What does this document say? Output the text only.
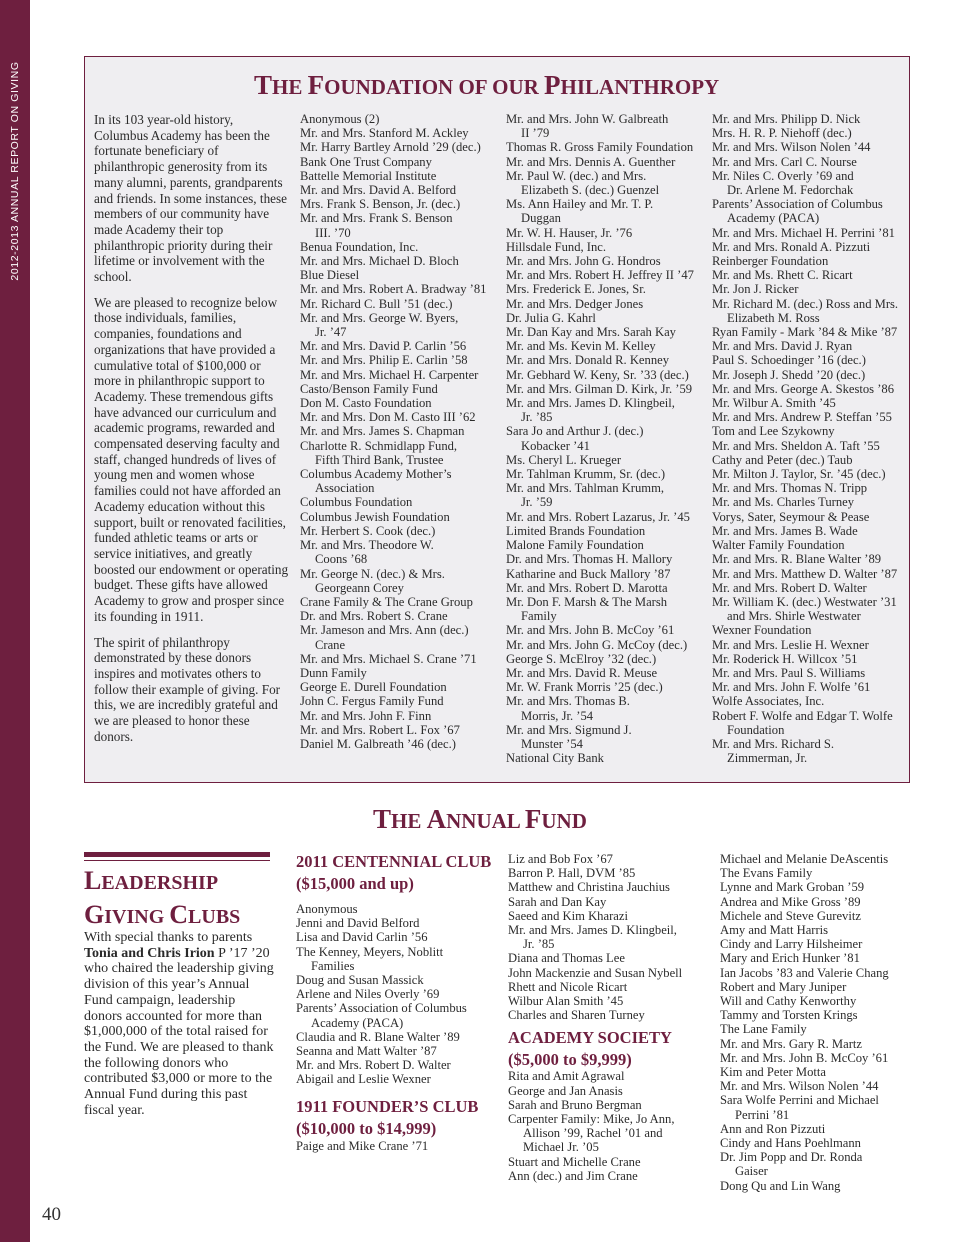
2012-2013 ANNUAL REPORT ON GIVING	THE FOUNDATION OF OUR PHILANTHROPY

In its 103 year-old history, Columbus Academy has been the fortunate beneficiary of philanthropic generosity from its many alumni, parents, grandparents and friends. In some instances, these members of our community have made Academy their top philanthropic priority during their lifetime or involvement with the school.

We are pleased to recognize below those individuals, families, companies, foundations and organizations that have provided a cumulative total of $100,000 or more in philanthropic support to Academy. These tremendous gifts have advanced our curriculum and academic programs, rewarded and compensated deserving faculty and staff, changed hundreds of lives of young men and women whose families could not have afforded an Academy education without this support, built or renovated facilities, funded athletic teams or arts or service initiatives, and greatly boosted our endowment or operating budget. These gifts have allowed Academy to grow and prosper since its founding in 1911.

The spirit of philanthropy demonstrated by these donors inspires and motivates others to follow their example of giving. For this, we are incredibly grateful and we are pleased to honor these donors.

Anonymous (2)
Mr. and Mrs. Stanford M. Ackley
Mr. Harry Bartley Arnold ’29 (dec.)
Bank One Trust Company
Battelle Memorial Institute
Mr. and Mrs. David A. Belford
Mrs. Frank S. Benson, Jr. (dec.)
Mr. and Mrs. Frank S. Benson
III. ’70
Benua Foundation, Inc.
Mr. and Mrs. Michael D. Bloch
Blue Diesel
Mr. and Mrs. Robert A. Bradway ’81
Mr. Richard C. Bull ’51 (dec.)
Mr. and Mrs. George W. Byers,
Jr. ’47
Mr. and Mrs. David P. Carlin ’56
Mr. and Mrs. Philip E. Carlin ’58
Mr. and Mrs. Michael H. Carpenter
Casto/Benson Family Fund
Don M. Casto Foundation
Mr. and Mrs. Don M. Casto III ’62
Mr. and Mrs. James S. Chapman
Charlotte R. Schmidlapp Fund,
Fifth Third Bank, Trustee
Columbus Academy Mother’s
Association
Columbus Foundation
Columbus Jewish Foundation
Mr. Herbert S. Cook (dec.)
Mr. and Mrs. Theodore W.
Coons ’68
Mr. George N. (dec.) & Mrs.
Georgeann Corey
Crane Family & The Crane Group
Dr. and Mrs. Robert S. Crane
Mr. Jameson and Mrs. Ann (dec.)
Crane
Mr. and Mrs. Michael S. Crane ’71
Dunn Family
George E. Durell Foundation
John C. Fergus Family Fund
Mr. and Mrs. John F. Finn
Mr. and Mrs. Robert L. Fox ’67
Daniel M. Galbreath ’46 (dec.)
Mr. and Mrs. John W. Galbreath
II ’79
Thomas R. Gross Family Foundation
Mr. and Mrs. Dennis A. Guenther
Mr. Paul W. (dec.) and Mrs.
Elizabeth S. (dec.) Guenzel
Ms. Ann Hailey and Mr. T. P.
Duggan
Mr. W. H. Hauser, Jr. ’76
Hillsdale Fund, Inc.
Mr. and Mrs. John G. Hondros
Mr. and Mrs. Robert H. Jeffrey II ’47
Mrs. Frederick E. Jones, Sr.
Mr. and Mrs. Dedger Jones
Dr. Julia G. Kahrl
Mr. Dan Kay and Mrs. Sarah Kay
Mr. and Ms. Kevin M. Kelley
Mr. and Mrs. Donald R. Kenney
Mr. Gebhard W. Keny, Sr. ’33 (dec.)
Mr. and Mrs. Gilman D. Kirk, Jr. ’59
Mr. and Mrs. James D. Klingbeil,
Jr. ’85
Sara Jo and Arthur J. (dec.)
Kobacker ’41
Ms. Cheryl L. Krueger
Mr. Tahlman Krumm, Sr. (dec.)
Mr. and Mrs. Tahlman Krumm,
Jr. ’59
Mr. and Mrs. Robert Lazarus, Jr. ’45
Limited Brands Foundation
Malone Family Foundation
Dr. and Mrs. Thomas H. Mallory
Katharine and Buck Mallory ’87
Mr. and Mrs. Robert D. Marotta
Mr. Don F. Marsh & The Marsh
Family
Mr. and Mrs. John B. McCoy ’61
Mr. and Mrs. John G. McCoy (dec.)
George S. McElroy ’32 (dec.)
Mr. and Mrs. David R. Meuse
Mr. W. Frank Morris ’25 (dec.)
Mr. and Mrs. Thomas B.
Morris, Jr. ’54
Mr. and Mrs. Sigmund J.
Munster ’54
National City Bank
Mr. and Mrs. Philipp D. Nick
Mrs. H. R. P. Niehoff (dec.)
Mr. and Mrs. Wilson Nolen ’44
Mr. and Mrs. Carl C. Nourse
Mr. Niles C. Overly ’69 and
Dr. Arlene M. Fedorchak
Parents’ Association of Columbus
Academy (PACA)
Mr. and Mrs. Michael H. Perrini ’81
Mr. and Mrs. Ronald A. Pizzuti
Reinberger Foundation
Mr. and Ms. Rhett C. Ricart
Mr. Jon J. Ricker
Mr. Richard M. (dec.) Ross and Mrs.
Elizabeth M. Ross
Ryan Family - Mark ’84 & Mike ’87
Mr. and Mrs. David J. Ryan
Paul S. Schoedinger ’16 (dec.)
Mr. Joseph J. Shedd ’20 (dec.)
Mr. and Mrs. George A. Skestos ’86
Mr. Wilbur A. Smith ’45
Mr. and Mrs. Andrew P. Steffan ’55
Tom and Lee Szykowny
Mr. and Mrs. Sheldon A. Taft ’55
Cathy and Peter (dec.) Taub
Mr. Milton J. Taylor, Sr. ’45 (dec.)
Mr. and Mrs. Thomas N. Tripp
Mr. and Ms. Charles Turney
Vorys, Sater, Seymour & Pease
Mr. and Mrs. James B. Wade
Walter Family Foundation
Mr. and Mrs. R. Blane Walter ’89
Mr. and Mrs. Matthew D. Walter ’87
Mr. and Mrs. Robert D. Walter
Mr. William K. (dec.) Westwater ’31
and Mrs. Shirle Westwater
Wexner Foundation
Mr. and Mrs. Leslie H. Wexner
Mr. Roderick H. Willcox ’51
Mr. and Mrs. Paul S. Williams
Mr. and Mrs. John F. Wolfe ’61
Wolfe Associates, Inc.
Robert F. Wolfe and Edgar T. Wolfe
Foundation
Mr. and Mrs. Richard S.
Zimmerman, Jr.
THE ANNUAL FUND
LEADERSHIP
GIVING CLUBS
With special thanks to parents Tonia and Chris Irion P ’17 ’20 who chaired the leadership giving division of this year’s Annual Fund campaign, leadership donors accounted for more than $1,000,000 of the total raised for the Fund. We are pleased to thank the following donors who contributed $3,000 or more to the Annual Fund during this past fiscal year.
2011 CENTENNIAL CLUB
($15,000 and up)
Anonymous
Jenni and David Belford
Lisa and David Carlin ’56
The Kenney, Meyers, Noblitt
Families
Doug and Susan Massick
Arlene and Niles Overly ’69
Parents’ Association of Columbus
Academy (PACA)
Claudia and R. Blane Walter ’89
Seanna and Matt Walter ’87
Mr. and Mrs. Robert D. Walter
Abigail and Leslie Wexner
1911 FOUNDER’S CLUB
($10,000 to $14,999)
Paige and Mike Crane ’71
Liz and Bob Fox ’67
Barron P. Hall, DVM ’85
Matthew and Christina Jauchius
Sarah and Dan Kay
Saeed and Kim Kharazi
Mr. and Mrs. James D. Klingbeil,
Jr. ’85
Diana and Thomas Lee
John Mackenzie and Susan Nybell
Rhett and Nicole Ricart
Wilbur Alan Smith ’45
Charles and Sharen Turney
ACADEMY SOCIETY
($5,000 to $9,999)
Rita and Amit Agrawal
George and Jan Anasis
Sarah and Bruno Bergman
Carpenter Family: Mike, Jo Ann,
Allison ’99, Rachel ’01 and
Michael Jr. ’05
Stuart and Michelle Crane
Ann (dec.) and Jim Crane
Michael and Melanie DeAscentis
The Evans Family
Lynne and Mark Groban ’59
Andrea and Mike Gross ’89
Michele and Steve Gurevitz
Amy and Matt Harris
Cindy and Larry Hilsheimer
Mary and Erich Hunker ’81
Ian Jacobs ’83 and Valerie Chang
Robert and Mary Juniper
Will and Cathy Kenworthy
Tammy and Torsten Krings
The Lane Family
Mr. and Mrs. Gary R. Martz
Mr. and Mrs. John B. McCoy ’61
Kim and Peter Motta
Mr. and Mrs. Wilson Nolen ’44
Sara Wolfe Perrini and Michael
Perrini ’81
Ann and Ron Pizzuti
Cindy and Hans Poehlmann
Dr. Jim Popp and Dr. Ronda
Gaiser
Dong Qu and Lin Wang
40
